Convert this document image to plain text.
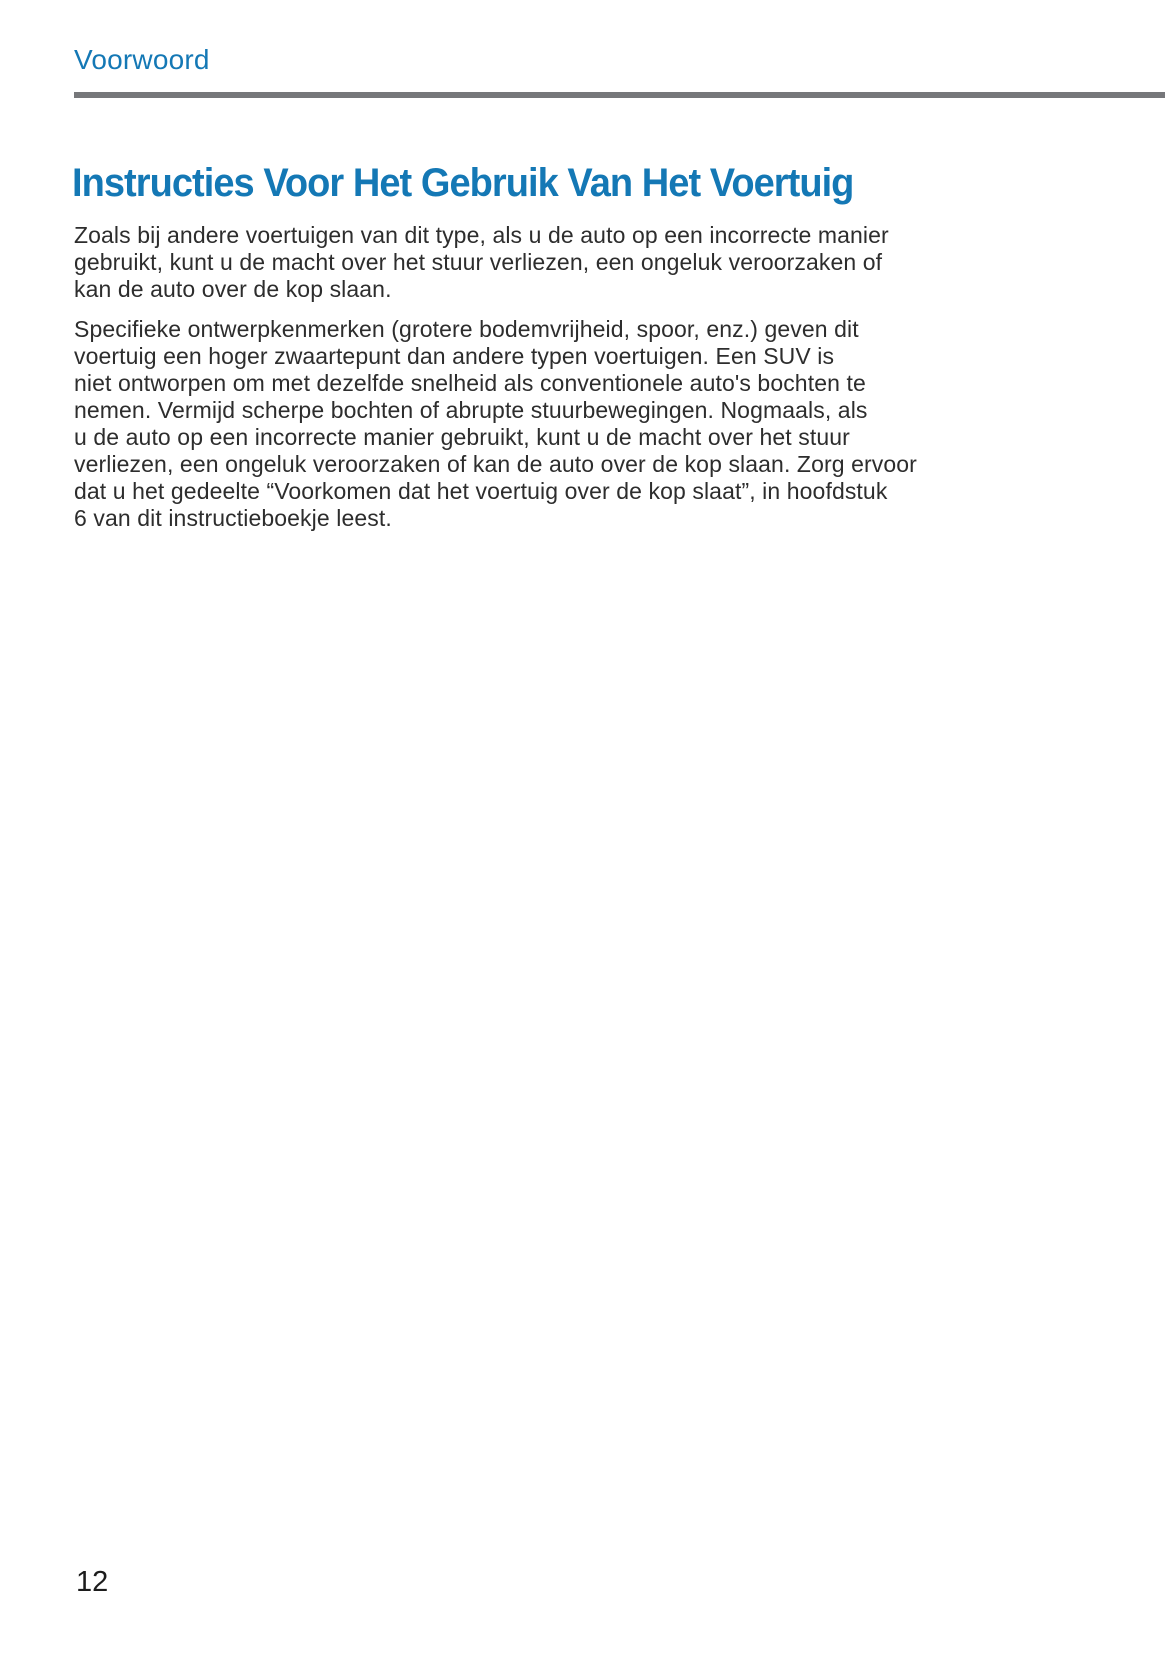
Voorwoord
Instructies Voor Het Gebruik Van Het Voertuig

Zoals bij andere voertuigen van dit type, als u de auto op een incorrecte manier
gebruikt, kunt u de macht over het stuur verliezen, een ongeluk veroorzaken of
kan de auto over de kop slaan.

Specifieke ontwerpkenmerken (grotere bodemvrijheid, spoor, enz.) geven dit
voertuig een hoger zwaartepunt dan andere typen voertuigen. Een SUV is
niet ontworpen om met dezelfde snelheid als conventionele auto's bochten te
nemen. Vermijd scherpe bochten of abrupte stuurbewegingen. Nogmaals, als
u de auto op een incorrecte manier gebruikt, kunt u de macht over het stuur
verliezen, een ongeluk veroorzaken of kan de auto over de kop slaan. Zorg ervoor
dat u het gedeelte “Voorkomen dat het voertuig over de kop slaat”, in hoofdstuk
6 van dit instructieboekje leest.

12
